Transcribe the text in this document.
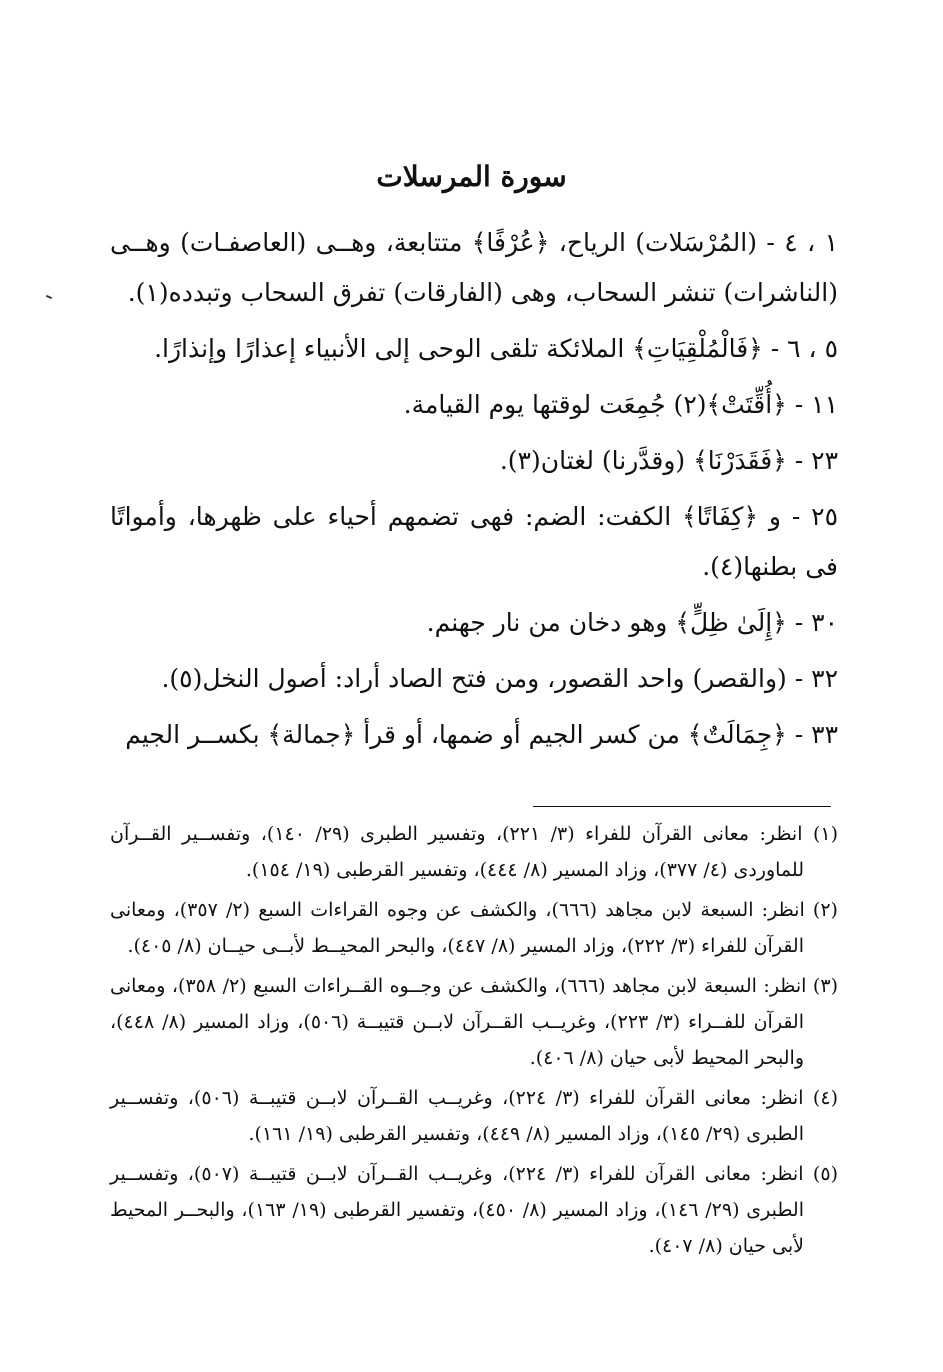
سورة المرسلات

١ ، ٤ - (المُرْسَلات) الرياح، ﴿عُرْفًا﴾ متتابعة، وهــى (العاصفـات) وهــى (الناشرات) تنشر السحاب، وهى (الفارقات) تفرق السحاب وتبدده(١).

٥ ، ٦ - ﴿فَالْمُلْقِيَاتِ﴾ الملائكة تلقى الوحى إلى الأنبياء إعذارًا وإنذارًا.

١١ - ﴿أُقِّتَتْ﴾(٢) جُمِعَت لوقتها يوم القيامة.

٢٣ - ﴿فَقَدَرْنَا﴾ (وقدَّرنا) لغتان(٣).

٢٥ - و ﴿كِفَاتًا﴾ الكفت: الضم: فهى تضمهم أحياء على ظهرها، وأمواتًا فى بطنها(٤).

٣٠ - ﴿إِلَىٰ ظِلٍّ﴾ وهو دخان من نار جهنم.

٣٢ - (والقصر) واحد القصور، ومن فتح الصاد أراد: أصول النخل(٥).

٣٣ - ﴿جِمَالَتٌ﴾ من كسر الجيم أو ضمها، أو قرأ ﴿جمالة﴾ بكســر الجيم

(١) انظر: معانى القرآن للفراء (٣/ ٢٢١)، وتفسير الطبرى (٢٩/ ١٤٠)، وتفســير القــرآن للماوردى (٤/ ٣٧٧)، وزاد المسير (٨/ ٤٤٤)، وتفسير القرطبى (١٩/ ١٥٤).

(٢) انظر: السبعة لابن مجاهد (٦٦٦)، والكشف عن وجوه القراءات السبع (٢/ ٣٥٧)، ومعانى القرآن للفراء (٣/ ٢٢٢)، وزاد المسير (٨/ ٤٤٧)، والبحر المحيــط لأبــى حيــان (٨/ ٤٠٥).

(٣) انظر: السبعة لابن مجاهد (٦٦٦)، والكشف عن وجــوه القــراءات السبع (٢/ ٣٥٨)، ومعانى القرآن للفــراء (٣/ ٢٢٣)، وغريــب القــرآن لابــن قتيبــة (٥٠٦)، وزاد المسير (٨/ ٤٤٨)، والبحر المحيط لأبى حيان (٨/ ٤٠٦).

(٤) انظر: معانى القرآن للفراء (٣/ ٢٢٤)، وغريــب القــرآن لابــن قتيبــة (٥٠٦)، وتفســير الطبرى (٢٩/ ١٤٥)، وزاد المسير (٨/ ٤٤٩)، وتفسير القرطبى (١٩/ ١٦١).

(٥) انظر: معانى القرآن للفراء (٣/ ٢٢٤)، وغريــب القــرآن لابــن قتيبــة (٥٠٧)، وتفســير الطبرى (٢٩/ ١٤٦)، وزاد المسير (٨/ ٤٥٠)، وتفسير القرطبى (١٩/ ١٦٣)، والبحــر المحيط لأبى حيان (٨/ ٤٠٧).
